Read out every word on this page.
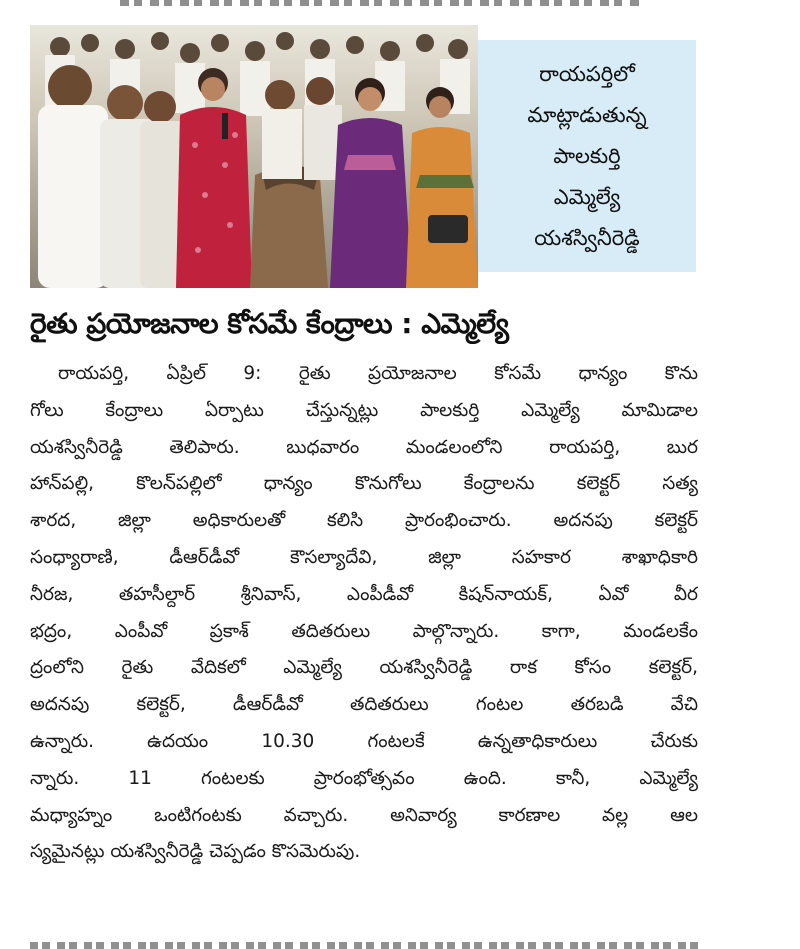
రాయపర్తిలో
మాట్లాడుతున్న
పాలకుర్తి
ఎమ్మెల్యే
యశస్వినీరెడ్డి
రైతు ప్రయోజనాల కోసమే కేంద్రాలు : ఎమ్మెల్యే
రాయపర్తి, ఏప్రిల్ 9: రైతు ప్రయోజనాల కోసమే ధాన్యం కొను
గోలు కేంద్రాలు ఏర్పాటు చేస్తున్నట్లు పాలకుర్తి ఎమ్మెల్యే మామిడాల
యశస్వినీరెడ్డి తెలిపారు. బుధవారం మండలంలోని రాయపర్తి, బుర
హాన్‌పల్లి, కొలన్‌పల్లిలో ధాన్యం కొనుగోలు కేంద్రాలను కలెక్టర్ సత్య
శారద, జిల్లా అధికారులతో కలిసి ప్రారంభించారు. అదనపు కలెక్టర్
సంధ్యారాణి, డీఆర్‌డీవో కౌసల్యాదేవి, జిల్లా సహకార శాఖాధికారి
నీరజ, తహసీల్దార్ శ్రీనివాస్, ఎంపీడీవో కిషన్‌నాయక్, ఏవో వీర
భద్రం, ఎంపీవో ప్రకాశ్ తదితరులు పాల్గొన్నారు. కాగా, మండలకేం
ద్రంలోని రైతు వేదికలో ఎమ్మెల్యే యశస్వినీరెడ్డి రాక కోసం కలెక్టర్,
అదనపు కలెక్టర్, డీఆర్‌డీవో తదితరులు గంటల తరబడి వేచి
ఉన్నారు. ఉదయం 10.30 గంటలకే ఉన్నతాధికారులు చేరుకు
న్నారు. 11 గంటలకు ప్రారంభోత్సవం ఉంది. కానీ, ఎమ్మెల్యే
మధ్యాహ్నం ఒంటిగంటకు వచ్చారు. అనివార్య కారణాల వల్ల ఆల
స్యమైనట్లు యశస్వినీరెడ్డి చెప్పడం కొసమెరుపు.
